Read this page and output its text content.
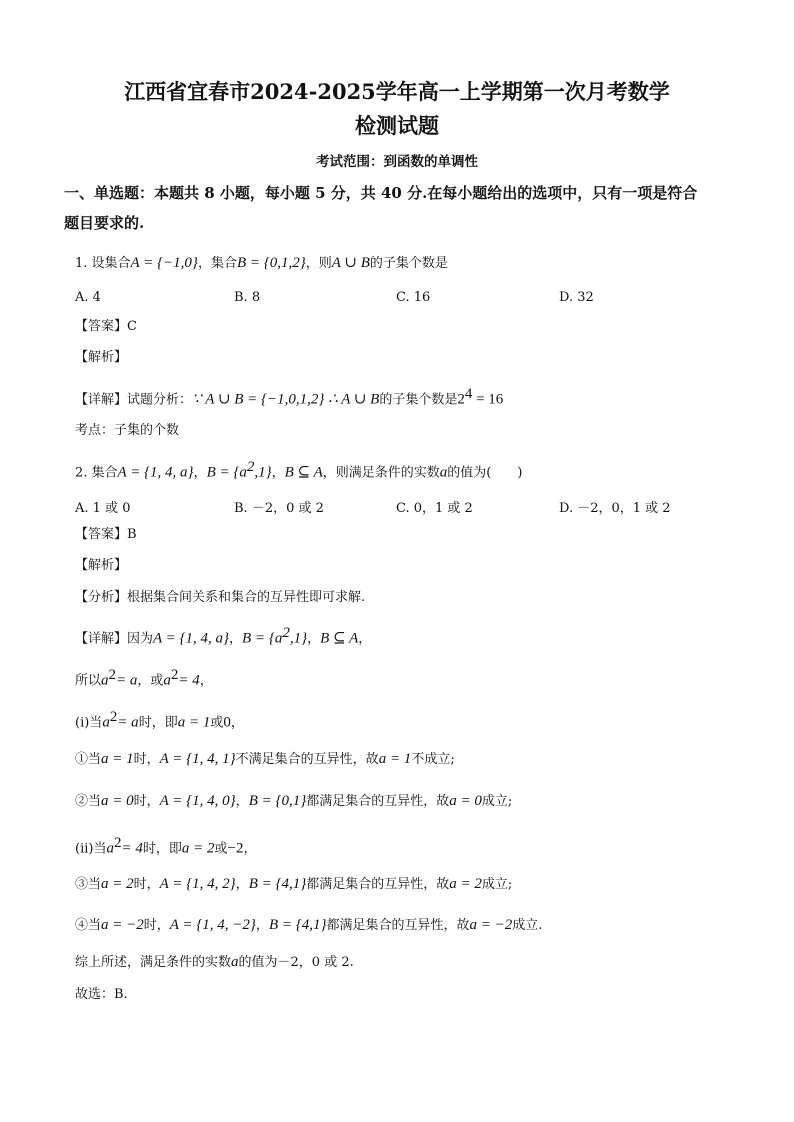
江西省宜春市2024-2025学年高一上学期第一次月考数学
检测试题
考试范围：到函数的单调性
一、单选题：本题共 8 小题，每小题 5 分，共 40 分.在每小题给出的选项中，只有一项是符合
题目要求的.
1. 设集合A = {−1,0}，集合B = {0,1,2}，则A ∪ B的子集个数是
A. 4	B. 8	C. 16	D. 32
【答案】C
【解析】
【详解】试题分析：∵ A ∪ B = {−1,0,1,2} ∴ A ∪ B的子集个数是$2^4 = 16$
考点：子集的个数
2. 集合A = {1, 4, a}，$B = \{a^2,1\}$，B ⊆ A，则满足条件的实数a的值为(　　)
A. 1 或 0	B. －2，0 或 2	C. 0，1 或 2	D. －2，0，1 或 2
【答案】B
【解析】
【分析】根据集合间关系和集合的互异性即可求解.
【详解】因为A = {1, 4, a}，$B = \{a^2,1\}$，B ⊆ A，
所以$a^2= a$，或$a^2= 4$，
(i)当$a^2= a$时，即a = 1或0，
①当a = 1时，A = {1, 4, 1}不满足集合的互异性，故a = 1不成立;
②当a = 0时，A = {1, 4, 0}，B = {0,1}都满足集合的互异性，故a = 0成立;
(ii)当$a^2= 4$时，即a = 2或−2，
③当a = 2时，A = {1, 4, 2}，B = {4,1}都满足集合的互异性，故a = 2成立;
④当a = −2时，A = {1, 4, −2}，B = {4,1}都满足集合的互异性，故a = −2成立.
综上所述，满足条件的实数a的值为－2，0 或 2.
故选：B.
